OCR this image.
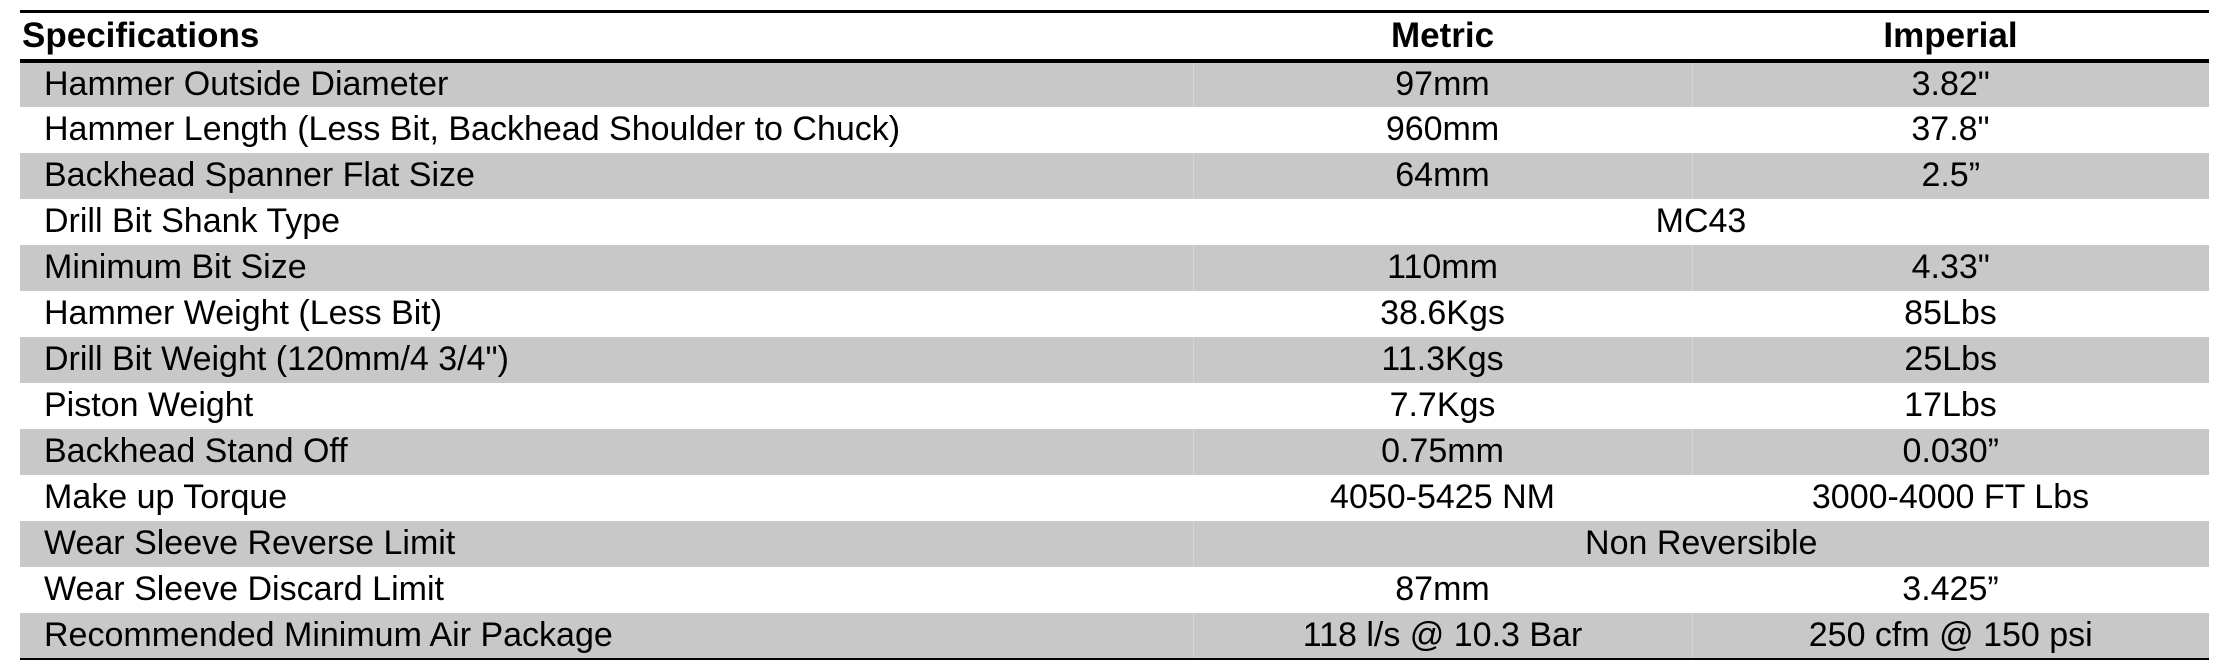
Specifications	Metric	Imperial
Hammer Outside Diameter	97mm	3.82"
Hammer Length (Less Bit, Backhead Shoulder to Chuck)	960mm	37.8"
Backhead Spanner Flat Size	64mm	2.5”
Drill Bit Shank Type	MC43	
Minimum Bit Size	110mm	4.33"
Hammer Weight (Less Bit)	38.6Kgs	85Lbs
Drill Bit Weight (120mm/4 3/4")	11.3Kgs	25Lbs
Piston Weight	7.7Kgs	17Lbs
Backhead Stand Off	0.75mm	0.030”
Make up Torque	4050-5425 NM	3000-4000 FT Lbs
Wear Sleeve Reverse Limit	Non Reversible	
Wear Sleeve Discard Limit	87mm	3.425”
Recommended Minimum Air Package	118 l/s @ 10.3 Bar	250 cfm @ 150 psi
